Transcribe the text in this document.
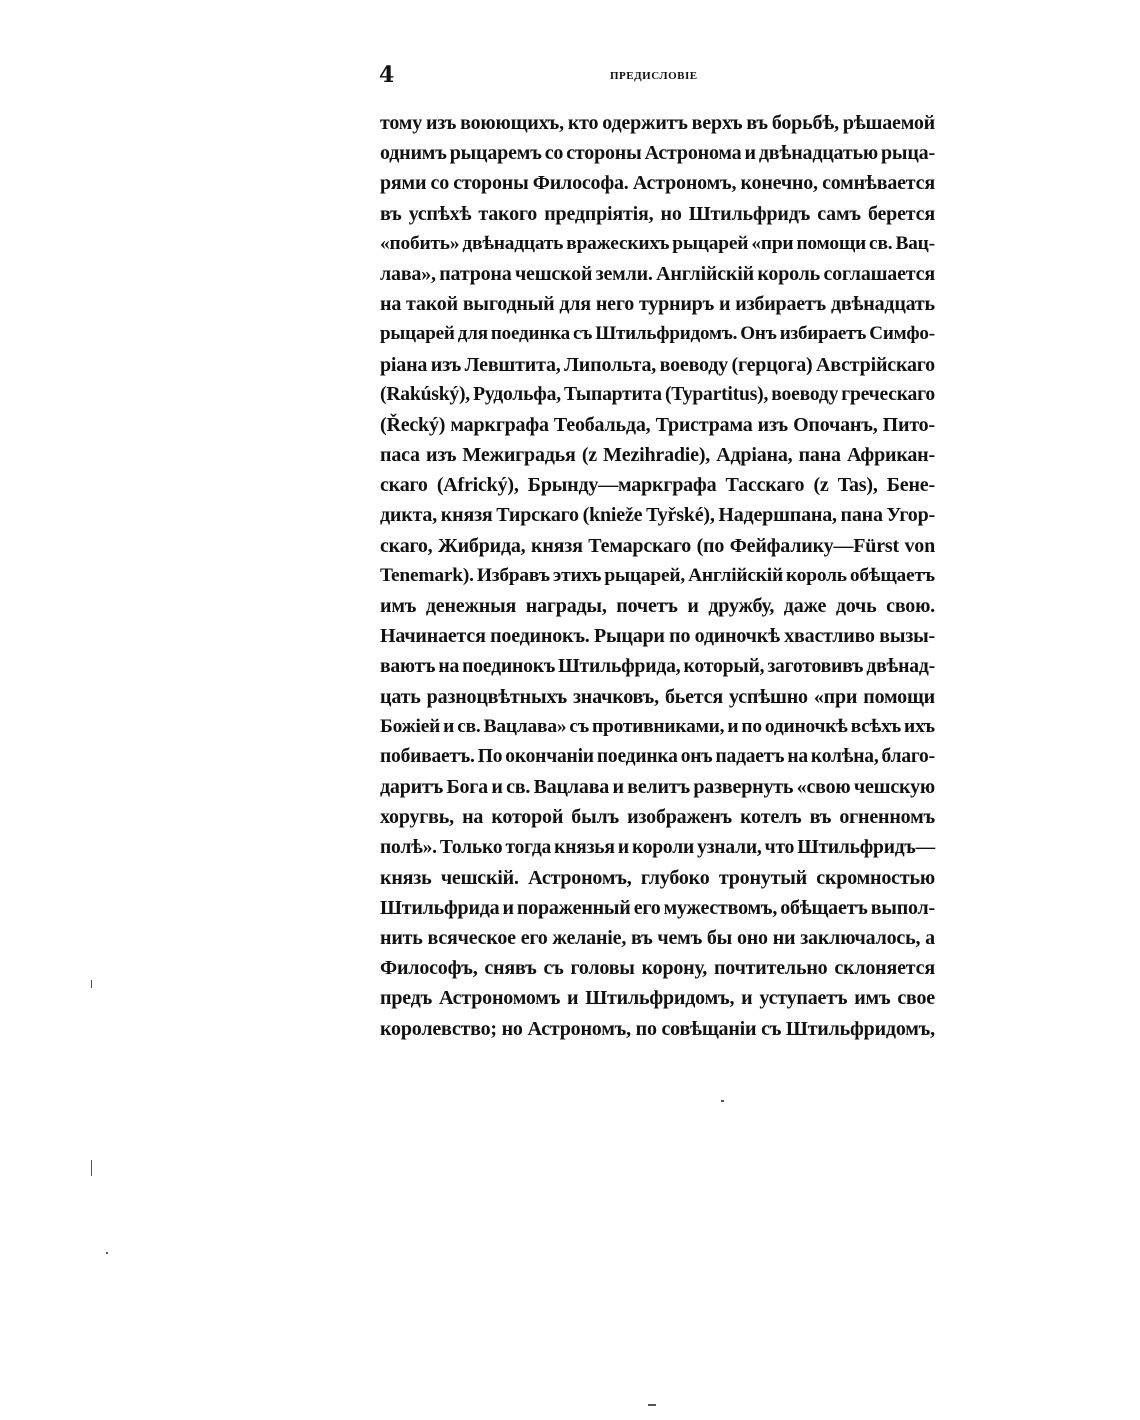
4	ПРЕДИСЛОВІЕ
тому изъ воюющихъ, кто одержитъ верхъ въ борьбѣ, рѣшаемой
однимъ рыцаремъ со стороны Астронома и двѣнадцатью рыца-
рями со стороны Философа. Астрономъ, конечно, сомнѣвается
въ успѣхѣ такого предпріятія, но Штильфридъ самъ берется
«побить» двѣнадцать вражескихъ рыцарей «при помощи св. Вац-
лава», патрона чешской земли. Англійскій король соглашается
на такой выгодный для него турниръ и избираетъ двѣнадцать
рыцарей для поединка съ Штильфридомъ. Онъ избираетъ Симфо-
ріана изъ Левштита, Липольта, воеводу (герцога) Австрійскаго
(Rakúský), Рудольфа, Тыпартита (Typartitus), воеводу греческаго
(Řecký) маркграфа Теобальда, Тристрама изъ Опочанъ, Пито-
паса изъ Межиградья (z Mezihradie), Адріана, пана Африкан-
скаго (Africký), Брынду—маркграфа Тасскаго (z Tas), Бене-
дикта, князя Тирскаго (knieže Tyřské), Надершпана, пана Угор-
скаго, Жибрида, князя Темарскаго (по Фейфалику—Fürst von
Tenemark). Избравъ этихъ рыцарей, Англійскій король обѣщаетъ
имъ денежныя награды, почетъ и дружбу, даже дочь свою.
Начинается поединокъ. Рыцари по одиночкѣ хвастливо вызы-
ваютъ на поединокъ Штильфрида, который, заготовивъ двѣнад-
цать разноцвѣтныхъ значковъ, бьется успѣшно «при помощи
Божіей и св. Вацлава» съ противниками, и по одиночкѣ всѣхъ ихъ
побиваетъ. По окончаніи поединка онъ падаетъ на колѣна, благо-
даритъ Бога и св. Вацлава и велитъ развернуть «свою чешскую
хоругвь, на которой былъ изображенъ котелъ въ огненномъ
полѣ». Только тогда князья и короли узнали, что Штильфридъ—
князь чешскій. Астрономъ, глубоко тронутый скромностью
Штильфрида и пораженный его мужествомъ, обѣщаетъ выпол-
нить всяческое его желаніе, въ чемъ бы оно ни заключалось, а
Философъ, снявъ съ головы корону, почтительно склоняется
предъ Астрономомъ и Штильфридомъ, и уступаетъ имъ свое
королевство; но Астрономъ, по совѣщаніи съ Штильфридомъ,
